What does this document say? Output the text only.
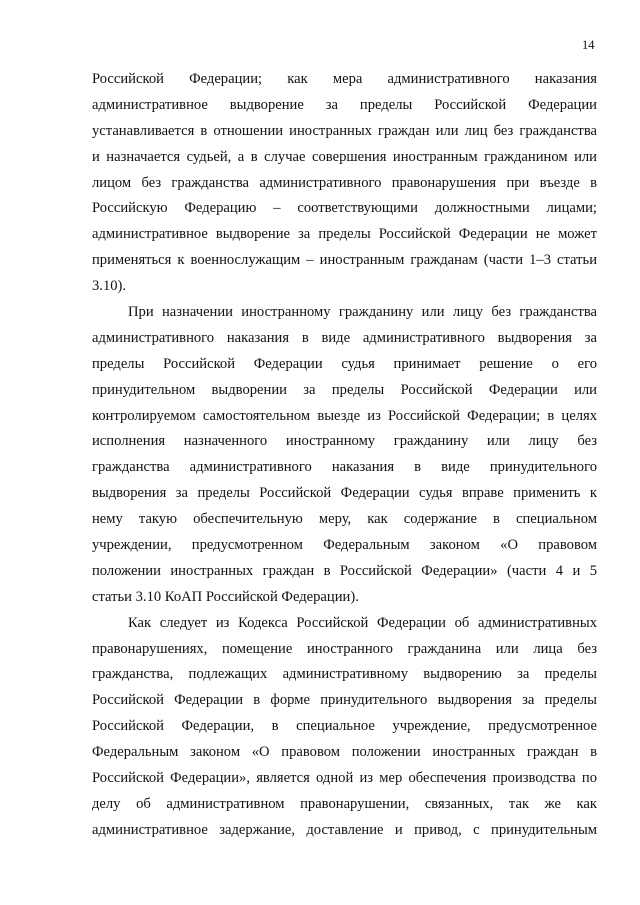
14
Российской Федерации; как мера административного наказания
административное выдворение за пределы Российской Федерации
устанавливается в отношении иностранных граждан или лиц без гражданства
и назначается судьей, а в случае совершения иностранным гражданином или
лицом без гражданства административного правонарушения при въезде в
Российскую Федерацию – соответствующими должностными лицами;
административное выдворение за пределы Российской Федерации не может
применяться к военнослужащим – иностранным гражданам (части 1–3 статьи
3.10).
При назначении иностранному гражданину или лицу без гражданства
административного наказания в виде административного выдворения за
пределы Российской Федерации судья принимает решение о его
принудительном выдворении за пределы Российской Федерации или
контролируемом самостоятельном выезде из Российской Федерации; в целях
исполнения назначенного иностранному гражданину или лицу без
гражданства административного наказания в виде принудительного
выдворения за пределы Российской Федерации судья вправе применить к
нему такую обеспечительную меру, как содержание в специальном
учреждении, предусмотренном Федеральным законом «О правовом
положении иностранных граждан в Российской Федерации» (части 4 и 5
статьи 3.10 КоАП Российской Федерации).
Как следует из Кодекса Российской Федерации об административных
правонарушениях, помещение иностранного гражданина или лица без
гражданства, подлежащих административному выдворению за пределы
Российской Федерации в форме принудительного выдворения за пределы
Российской Федерации, в специальное учреждение, предусмотренное
Федеральным законом «О правовом положении иностранных граждан в
Российской Федерации», является одной из мер обеспечения производства по
делу об административном правонарушении, связанных, так же как
административное задержание, доставление и привод, с принудительным
